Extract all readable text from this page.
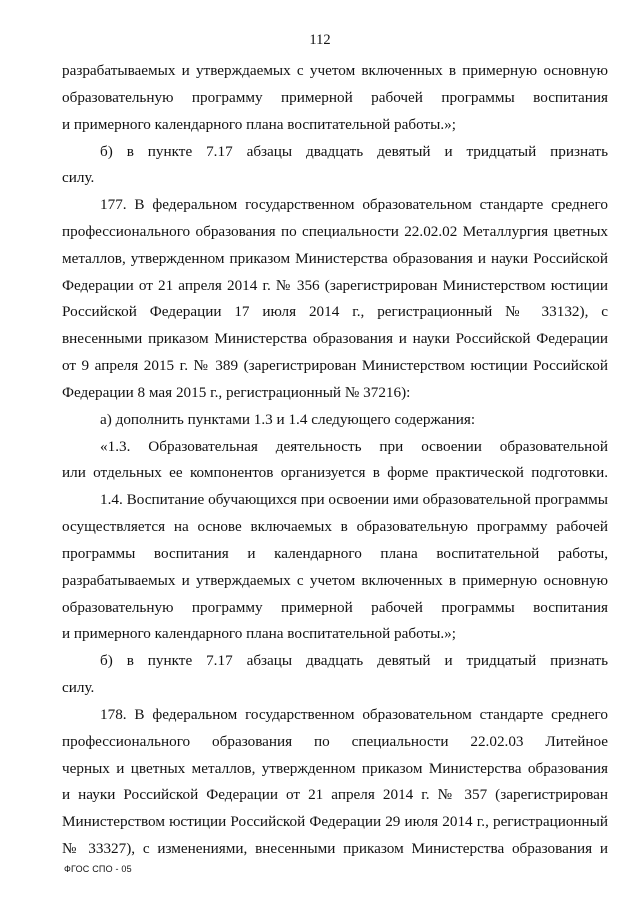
112
разрабатываемых и утверждаемых с учетом включенных в примерную основную
образовательную программу примерной рабочей программы воспитания
и примерного календарного плана воспитательной работы.»;
б) в пункте 7.17 абзацы двадцать девятый и тридцатый признать
силу.
177. В федеральном государственном образовательном стандарте среднего
профессионального образования по специальности 22.02.02 Металлургия цветных
металлов, утвержденном приказом Министерства образования и науки Российской
Федерации от 21 апреля 2014 г. № 356 (зарегистрирован Министерством юстиции
Российской Федерации 17 июля 2014 г., регистрационный № 33132), с
внесенными приказом Министерства образования и науки Российской Федерации
от 9 апреля 2015 г. № 389 (зарегистрирован Министерством юстиции Российской
Федерации 8 мая 2015 г., регистрационный № 37216):
а) дополнить пунктами 1.3 и 1.4 следующего содержания:
«1.3. Образовательная деятельность при освоении образовательной
или отдельных ее компонентов организуется в форме практической подготовки.
1.4. Воспитание обучающихся при освоении ими образовательной программы
осуществляется на основе включаемых в образовательную программу рабочей
программы воспитания и календарного плана воспитательной работы,
разрабатываемых и утверждаемых с учетом включенных в примерную основную
образовательную программу примерной рабочей программы воспитания
и примерного календарного плана воспитательной работы.»;
б) в пункте 7.17 абзацы двадцать девятый и тридцатый признать
силу.
178. В федеральном государственном образовательном стандарте среднего
профессионального образования по специальности 22.02.03 Литейное
черных и цветных металлов, утвержденном приказом Министерства образования
и науки Российской Федерации от 21 апреля 2014 г. № 357 (зарегистрирован
Министерством юстиции Российской Федерации 29 июля 2014 г., регистрационный
№ 33327), с изменениями, внесенными приказом Министерства образования и
ФГОС СПО - 05
